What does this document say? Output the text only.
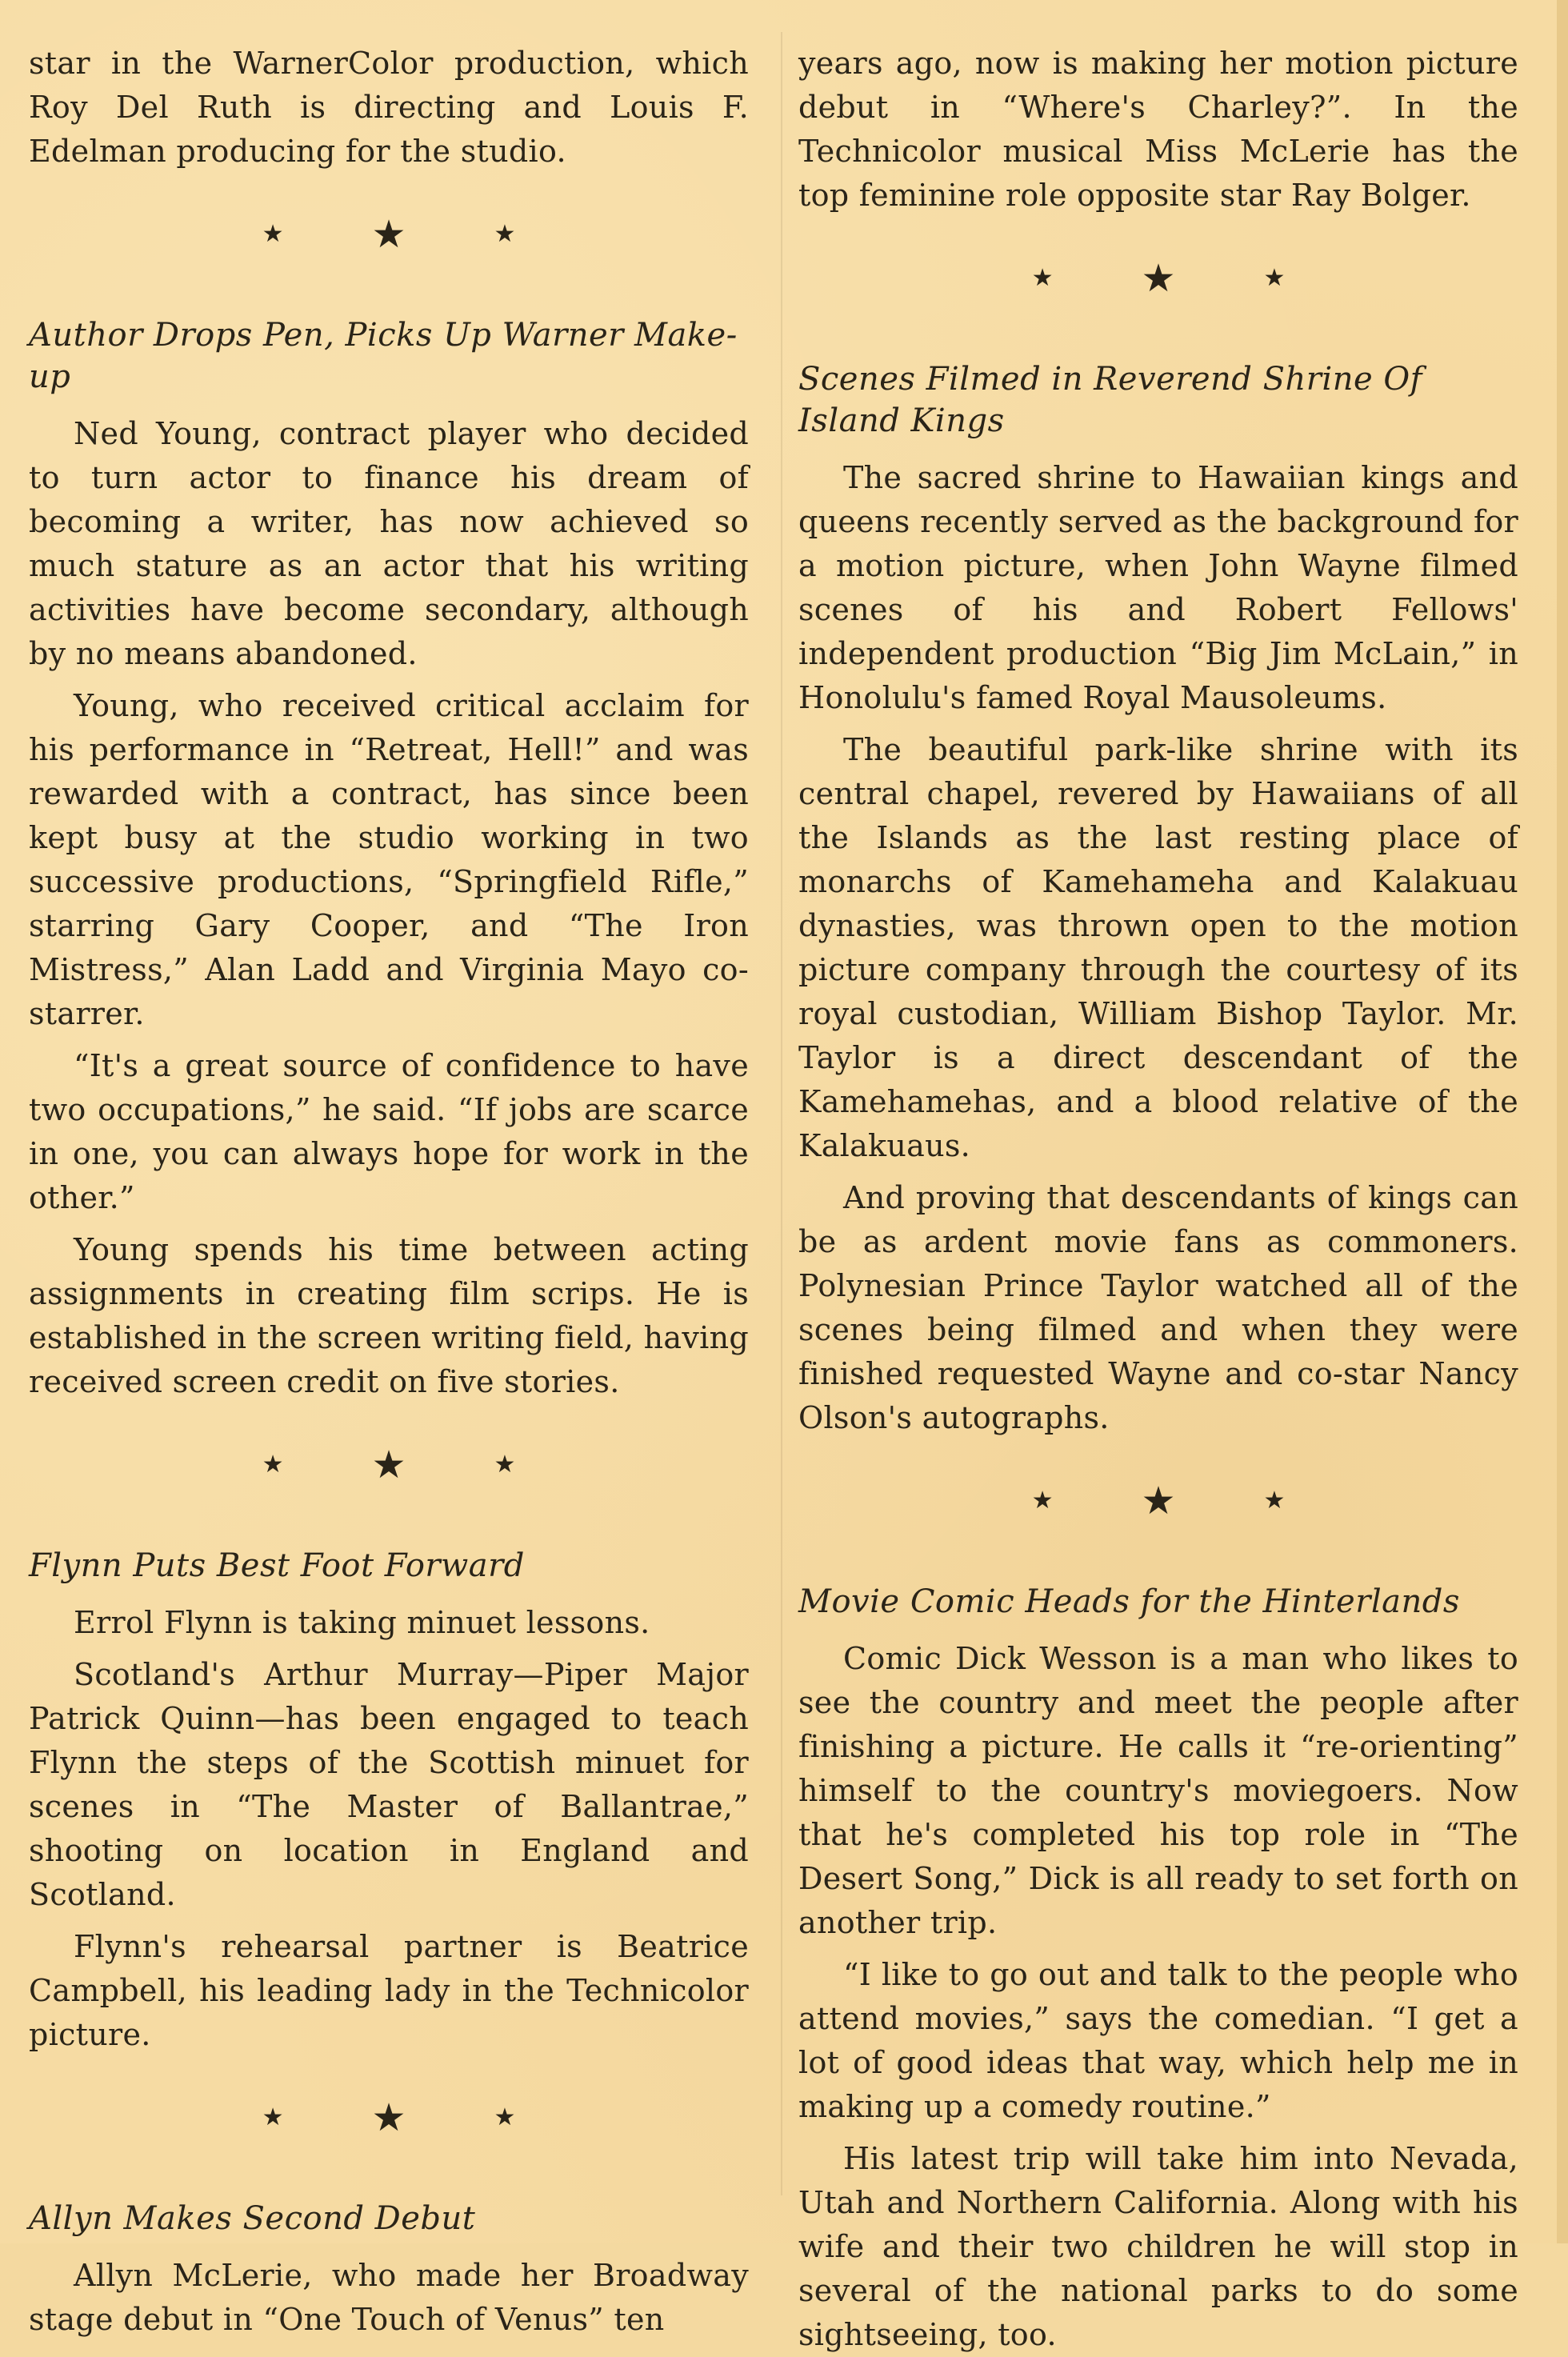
star in the WarnerColor production, which Roy Del Ruth is directing and Louis F. Edelman producing for the studio.

★ ★	★
Author Drops Pen, Picks Up Warner Make-up

Ned Young, contract player who decided to turn actor to finance his dream of becoming a writer, has now achieved so much stature as an actor that his writing activities have become secondary, although by no means abandoned.

Young, who received critical acclaim for his performance in “Retreat, Hell!” and was rewarded with a contract, has since been kept busy at the studio working in two successive productions, “Springfield Rifle,” starring Gary Cooper, and “The Iron Mistress,” Alan Ladd and Virginia Mayo co-starrer.

“It's a great source of confidence to have two occupations,” he said. “If jobs are scarce in one, you can always hope for work in the other.”

Young spends his time between acting assignments in creating film scrips. He is established in the screen writing field, having received screen credit on five stories.

★ ★	★
Flynn Puts Best Foot Forward

Errol Flynn is taking minuet lessons.

Scotland's Arthur Murray—Piper Major Patrick Quinn—has been engaged to teach Flynn the steps of the Scottish minuet for scenes in “The Master of Ballantrae,” shooting on location in England and Scotland.

Flynn's rehearsal partner is Beatrice Campbell, his leading lady in the Technicolor picture.

★ ★	★
Allyn Makes Second Debut

Allyn McLerie, who made her Broadway stage debut in “One Touch of Venus” ten

years ago, now is making her motion picture debut in “Where's Charley?”. In the Technicolor musical Miss McLerie has the top feminine role opposite star Ray Bolger.

★ ★	★
Scenes Filmed in Reverend Shrine Of Island Kings

The sacred shrine to Hawaiian kings and queens recently served as the background for a motion picture, when John Wayne filmed scenes of his and Robert Fellows' independent production “Big Jim McLain,” in Honolulu's famed Royal Mausoleums.

The beautiful park-like shrine with its central chapel, revered by Hawaiians of all the Islands as the last resting place of monarchs of Kamehameha and Kalakuau dynasties, was thrown open to the motion picture company through the courtesy of its royal custodian, William Bishop Taylor. Mr. Taylor is a direct descendant of the Kamehamehas, and a blood relative of the Kalakuaus.

And proving that descendants of kings can be as ardent movie fans as commoners. Polynesian Prince Taylor watched all of the scenes being filmed and when they were finished requested Wayne and co-star Nancy Olson's autographs.

★ ★	★
Movie Comic Heads for the Hinterlands

Comic Dick Wesson is a man who likes to see the country and meet the people after finishing a picture. He calls it “re-orienting” himself to the country's moviegoers. Now that he's completed his top role in “The Desert Song,” Dick is all ready to set forth on another trip.

“I like to go out and talk to the people who attend movies,” says the comedian. “I get a lot of good ideas that way, which help me in making up a comedy routine.”

His latest trip will take him into Nevada, Utah and Northern California. Along with his wife and their two children he will stop in several of the national parks to do some sightseeing, too.
